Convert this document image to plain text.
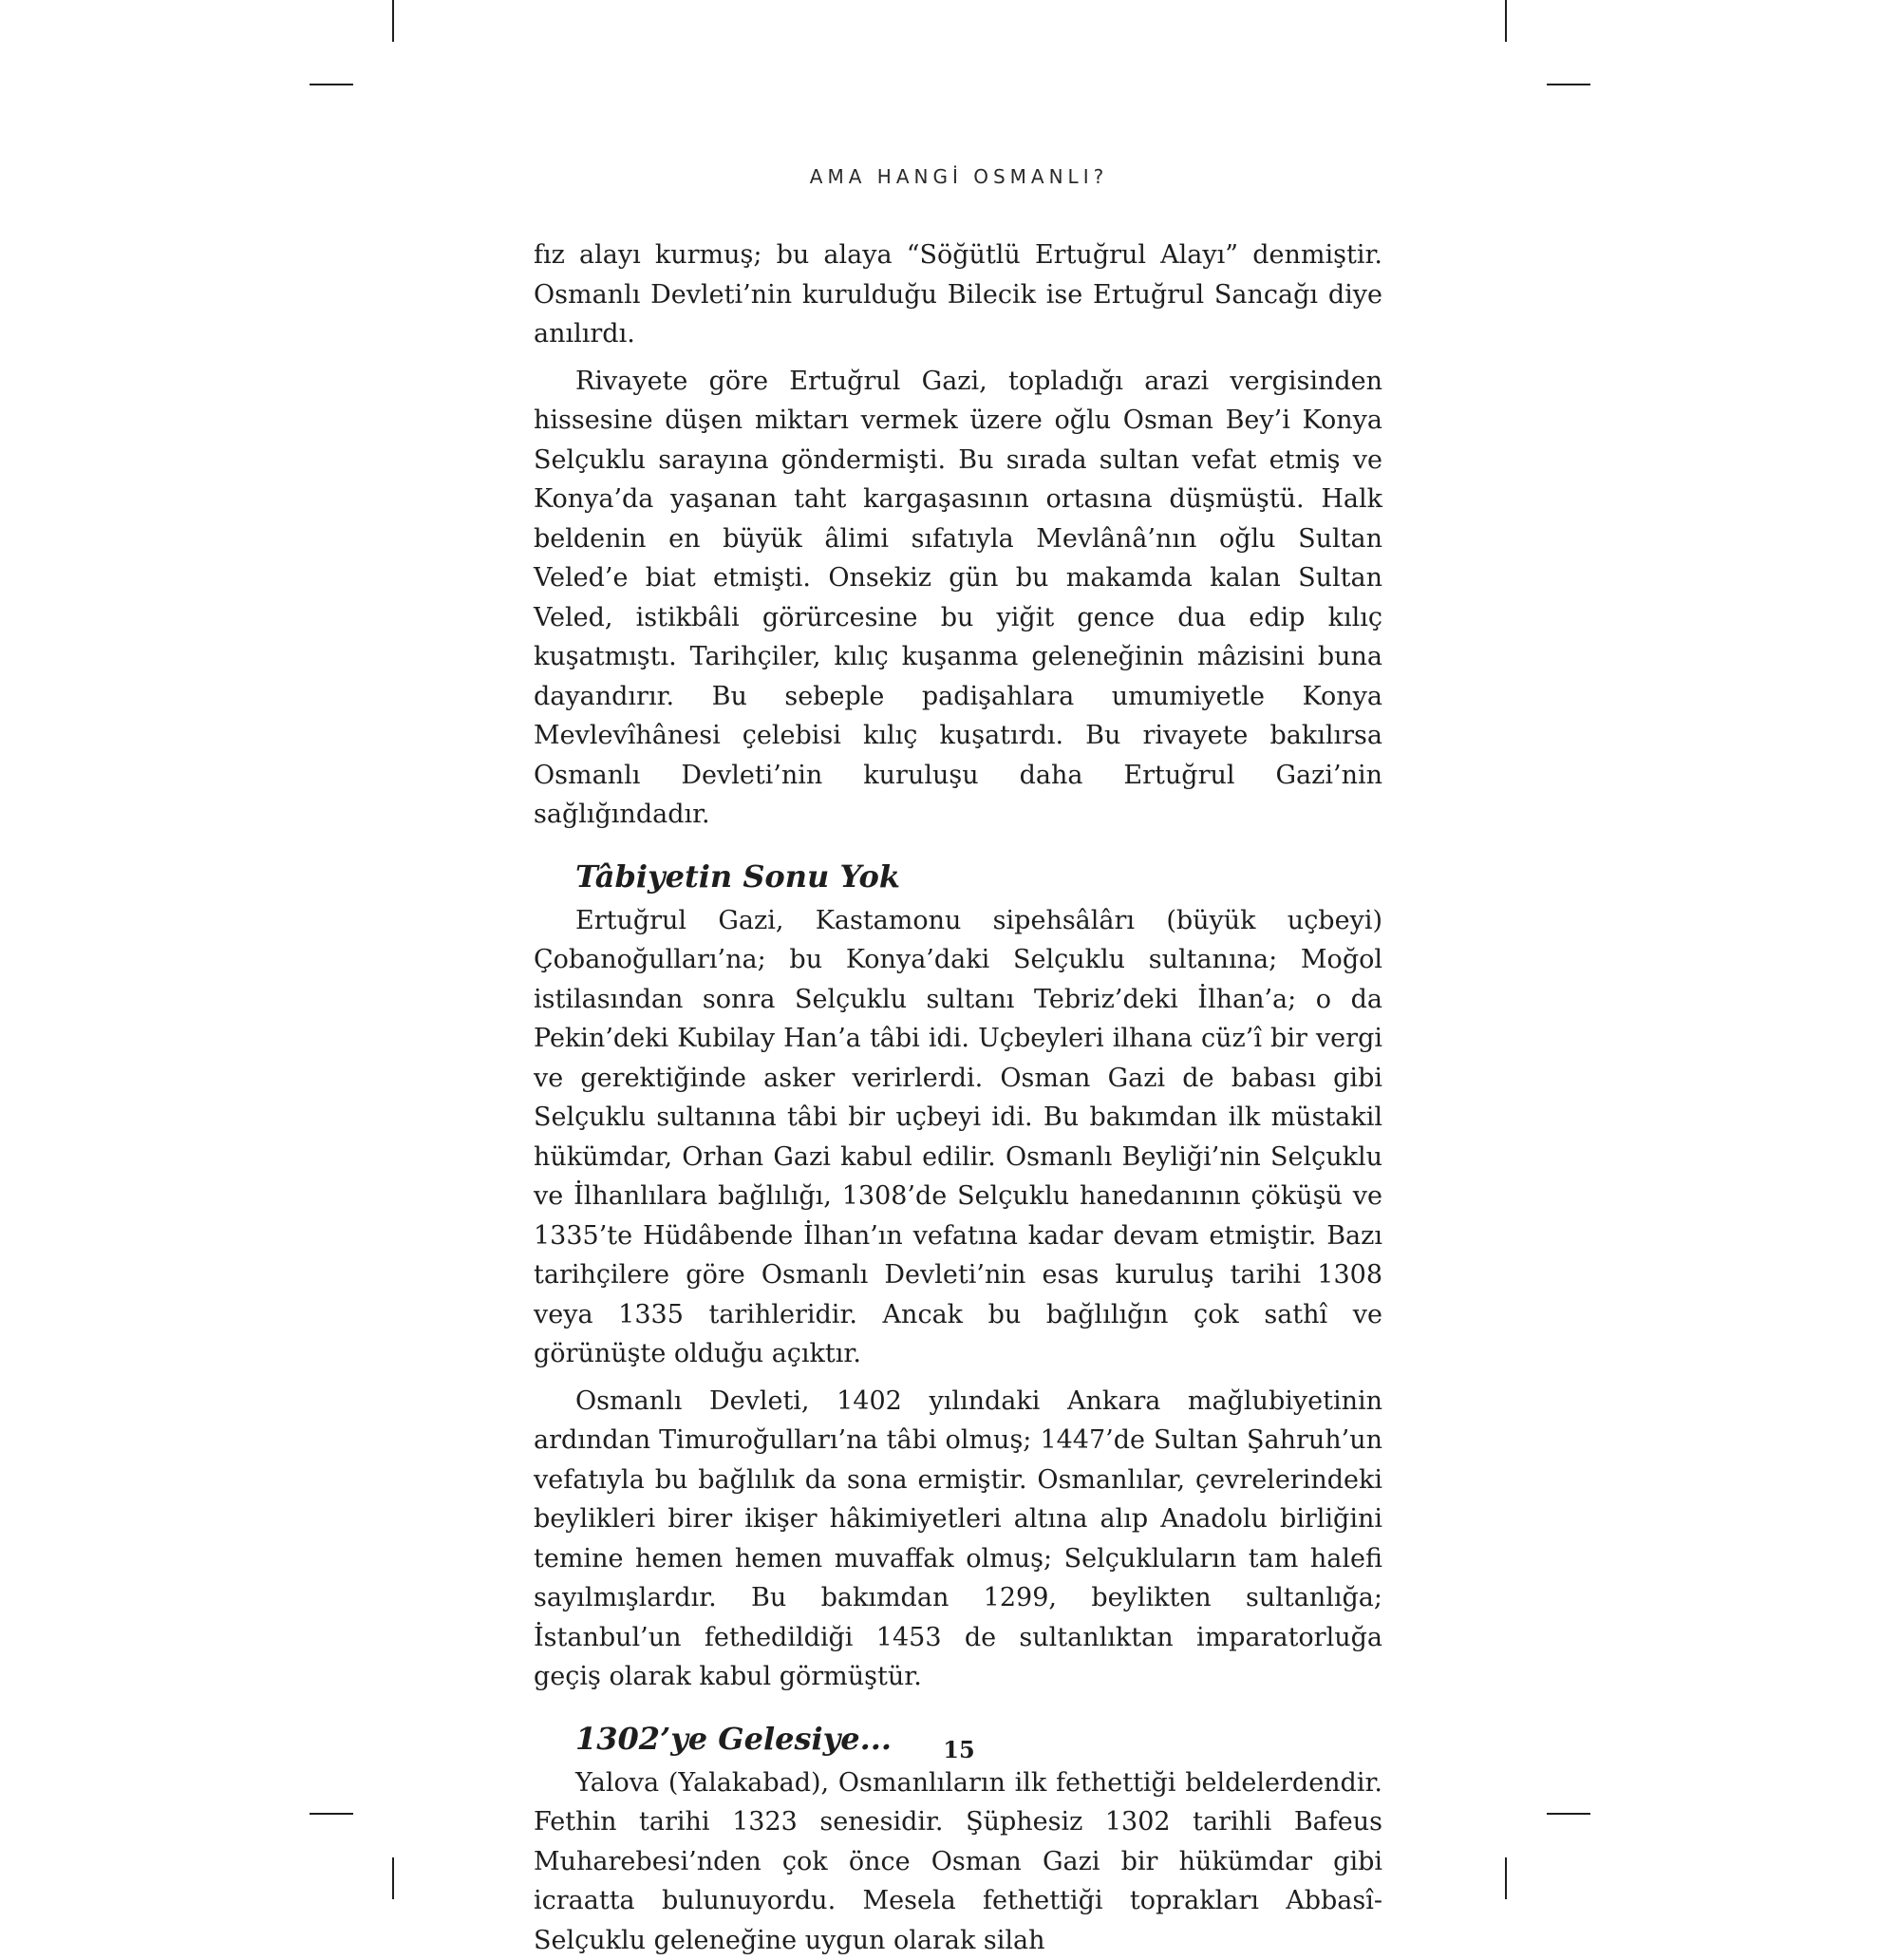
AMA HANGİ OSMANLI?

fız alayı kurmuş; bu alaya “Söğütlü Ertuğrul Alayı” denmiştir. Osmanlı Devleti’nin kurulduğu Bilecik ise Ertuğrul Sancağı diye anılırdı.

Rivayete göre Ertuğrul Gazi, topladığı arazi vergisinden hissesine düşen miktarı vermek üzere oğlu Osman Bey’i Konya Selçuklu sarayına göndermişti. Bu sırada sultan vefat etmiş ve Konya’da yaşanan taht kargaşasının ortasına düşmüştü. Halk beldenin en büyük âlimi sıfatıyla Mevlânâ’nın oğlu Sultan Veled’e biat etmişti. Onsekiz gün bu makamda kalan Sultan Veled, istikbâli görürcesine bu yiğit gence dua edip kılıç kuşatmıştı. Tarihçiler, kılıç kuşanma geleneğinin mâzisini buna dayandırır. Bu sebeple padişahlara umumiyetle Konya Mevlevîhânesi çelebisi kılıç kuşatırdı. Bu rivayete bakılırsa Osmanlı Devleti’nin kuruluşu daha Ertuğrul Gazi’nin sağlığındadır.

Tâbiyetin Sonu Yok

Ertuğrul Gazi, Kastamonu sipehsâlârı (büyük uçbeyi) Çobanoğulları’na; bu Konya’daki Selçuklu sultanına; Moğol istilasından sonra Selçuklu sultanı Tebriz’deki İlhan’a; o da Pekin’deki Kubilay Han’a tâbi idi. Uçbeyleri ilhana cüz’î bir vergi ve gerektiğinde asker verirlerdi. Osman Gazi de babası gibi Selçuklu sultanına tâbi bir uçbeyi idi. Bu bakımdan ilk müstakil hükümdar, Orhan Gazi kabul edilir. Osmanlı Beyliği’nin Selçuklu ve İlhanlılara bağlılığı, 1308’de Selçuklu hanedanının çöküşü ve 1335’te Hüdâbende İlhan’ın vefatına kadar devam etmiştir. Bazı tarihçilere göre Osmanlı Devleti’nin esas kuruluş tarihi 1308 veya 1335 tarihleridir. Ancak bu bağlılığın çok sathî ve görünüşte olduğu açıktır.

Osmanlı Devleti, 1402 yılındaki Ankara mağlubiyetinin ardından Timuroğulları’na tâbi olmuş; 1447’de Sultan Şahruh’un vefatıyla bu bağlılık da sona ermiştir. Osmanlılar, çevrelerindeki beylikleri birer ikişer hâkimiyetleri altına alıp Anadolu birliğini temine hemen hemen muvaffak olmuş; Selçukluların tam halefi sayılmışlardır. Bu bakımdan 1299, beylikten sultanlığa; İstanbul’un fethedildiği 1453 de sultanlıktan imparatorluğa geçiş olarak kabul görmüştür.

1302’ye Gelesiye...

Yalova (Yalakabad), Osmanlıların ilk fethettiği beldelerdendir. Fethin tarihi 1323 senesidir. Şüphesiz 1302 tarihli Bafeus Muharebesi’nden çok önce Osman Gazi bir hükümdar gibi icraatta bulunuyordu. Mesela fethettiği toprakları Abbasî-Selçuklu geleneğine uygun olarak silah

15
